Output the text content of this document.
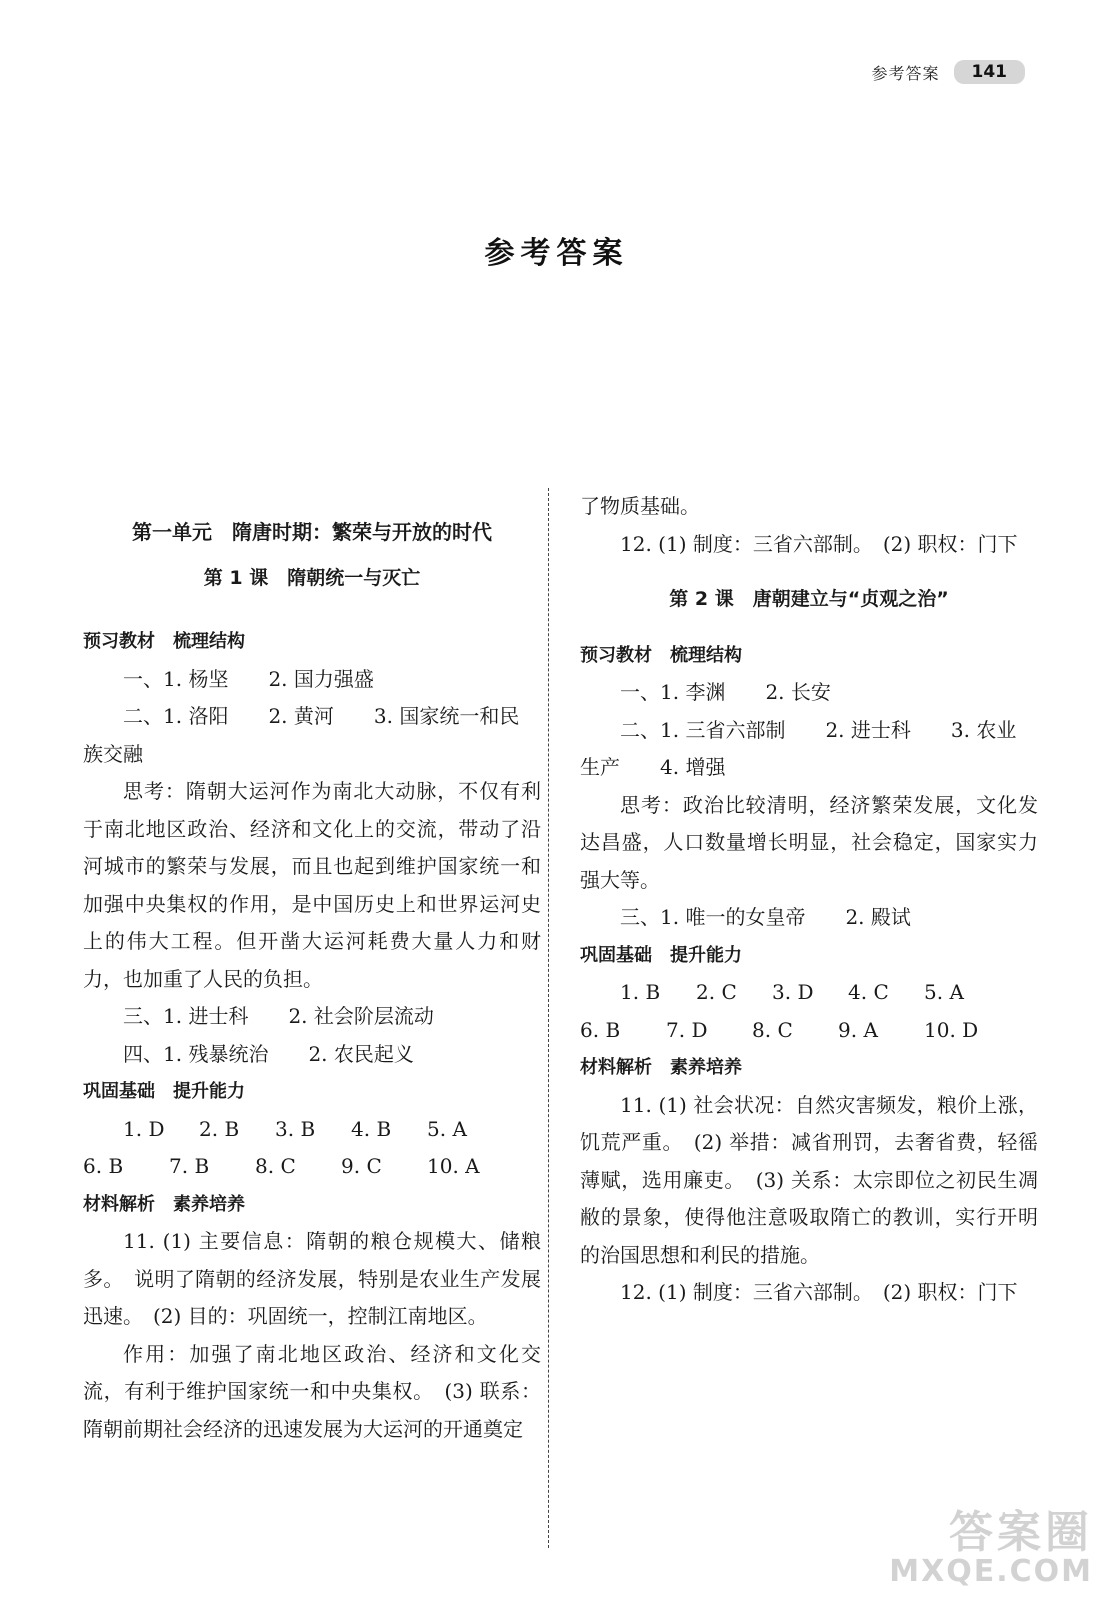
参考答案	141
参考答案
第一单元　隋唐时期：繁荣与开放的时代
第 1 课　隋朝统一与灭亡

预习教材　梳理结构

一、1. 杨坚　　2. 国力强盛

二、1. 洛阳　　2. 黄河　　3. 国家统一和民

族交融

思考：隋朝大运河作为南北大动脉，不仅有利于南北地区政治、经济和文化上的交流，带动了沿河城市的繁荣与发展，而且也起到维护国家统一和加强中央集权的作用，是中国历史上和世界运河史上的伟大工程。但开凿大运河耗费大量人力和财力，也加重了人民的负担。

三、1. 进士科　　2. 社会阶层流动

四、1. 残暴统治　　2. 农民起义

巩固基础　提升能力

1. D	2. B	3. B	4. B	5. A
6. B	7. B	8. C	9. C	10. A

材料解析　素养培养

11. (1) 主要信息：隋朝的粮仓规模大、储粮多。　说明了隋朝的经济发展，特别是农业生产发展迅速。　(2) 目的：巩固统一，控制江南地区。

作用：加强了南北地区政治、经济和文化交流，有利于维护国家统一和中央集权。　(3) 联系：隋朝前期社会经济的迅速发展为大运河的开通奠定

了物质基础。

12. (1) 制度：三省六部制。　(2) 职权：门下

第 2 课　唐朝建立与“贞观之治”

预习教材　梳理结构

一、1. 李渊　　2. 长安

二、1. 三省六部制　　2. 进士科　　3. 农业

生产　　4. 增强

思考：政治比较清明，经济繁荣发展，文化发达昌盛，人口数量增长明显，社会稳定，国家实力强大等。

三、1. 唯一的女皇帝　　2. 殿试

巩固基础　提升能力

1. B	2. C	3. D	4. C	5. A
6. B	7. D	8. C	9. A	10. D

材料解析　素养培养

11. (1) 社会状况：自然灾害频发，粮价上涨，饥荒严重。　(2) 举措：减省刑罚，去奢省费，轻徭薄赋，选用廉吏。　(3) 关系：太宗即位之初民生凋敝的景象，使得他注意吸取隋亡的教训，实行开明的治国思想和利民的措施。

12. (1) 制度：三省六部制。　(2) 职权：门下

答案圈
MXQE.COM
